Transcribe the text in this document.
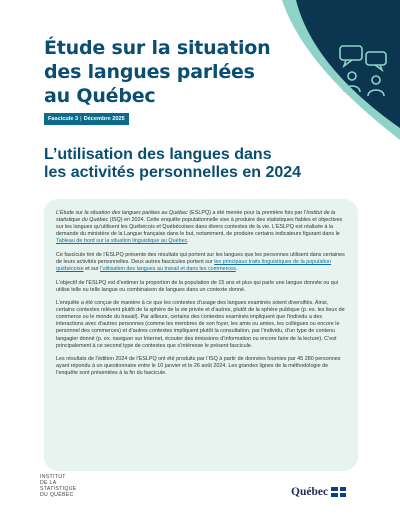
Étude sur la situation
des langues parlées
au Québec
Fascicule 3 | Décembre 2025
L’utilisation des langues dans
les activités personnelles en 2024

L’Étude sur la situation des langues parlées au Québec (ESLPQ) a été menée pour la première fois par l’Institut de la statistique du Québec (ISQ) en 2024. Cette enquête populationnelle vise à produire des statistiques fiables et objectives sur les langues qu’utilisent les Québécois et Québécoises dans divers contextes de la vie. L’ESLPQ est réalisée à la demande du ministère de la Langue française dans le but, notamment, de produire certains indicateurs figurant dans le Tableau de bord sur la situation linguistique au Québec.

Ce fascicule tiré de l’ESLPQ présente des résultats qui portent sur les langues que les personnes utilisent dans certaines de leurs activités personnelles. Deux autres fascicules portent sur les principaux traits linguistiques de la population québécoise et sur l’utilisation des langues au travail et dans les commerces.

L’objectif de l’ESLPQ est d’estimer la proportion de la population de 15 ans et plus qui parle une langue donnée ou qui utilise telle ou telle langue ou combinaison de langues dans un contexte donné.

L’enquête a été conçue de manière à ce que les contextes d’usage des langues examinés soient diversifiés. Ainsi, certains contextes relèvent plutôt de la sphère de la vie privée et d’autres, plutôt de la sphère publique (p. ex. les lieux de commerce ou le monde du travail). Par ailleurs, certains des contextes examinés impliquent que l’individu a des interactions avec d’autres personnes (comme les membres de son foyer, les amis ou amies, les collègues ou encore le personnel des commerces) et d’autres contextes impliquent plutôt la consultation, par l’individu, d’un type de contenu langagier donné (p. ex. naviguer sur Internet, écouter des émissions d’information ou encore faire de la lecture). C’est principalement à ce second type de contextes que s’intéresse le présent fascicule.

Les résultats de l’édition 2024 de l’ESLPQ ont été produits par l’ISQ à partir de données fournies par 45 280 personnes ayant répondu à un questionnaire entre le 10 janvier et le 26 août 2024. Les grandes lignes de la méthodologie de l’enquête sont présentées à la fin du fascicule.

INSTITUT
DE LA
STATISTIQUE
DU QUÉBEC	Québec
